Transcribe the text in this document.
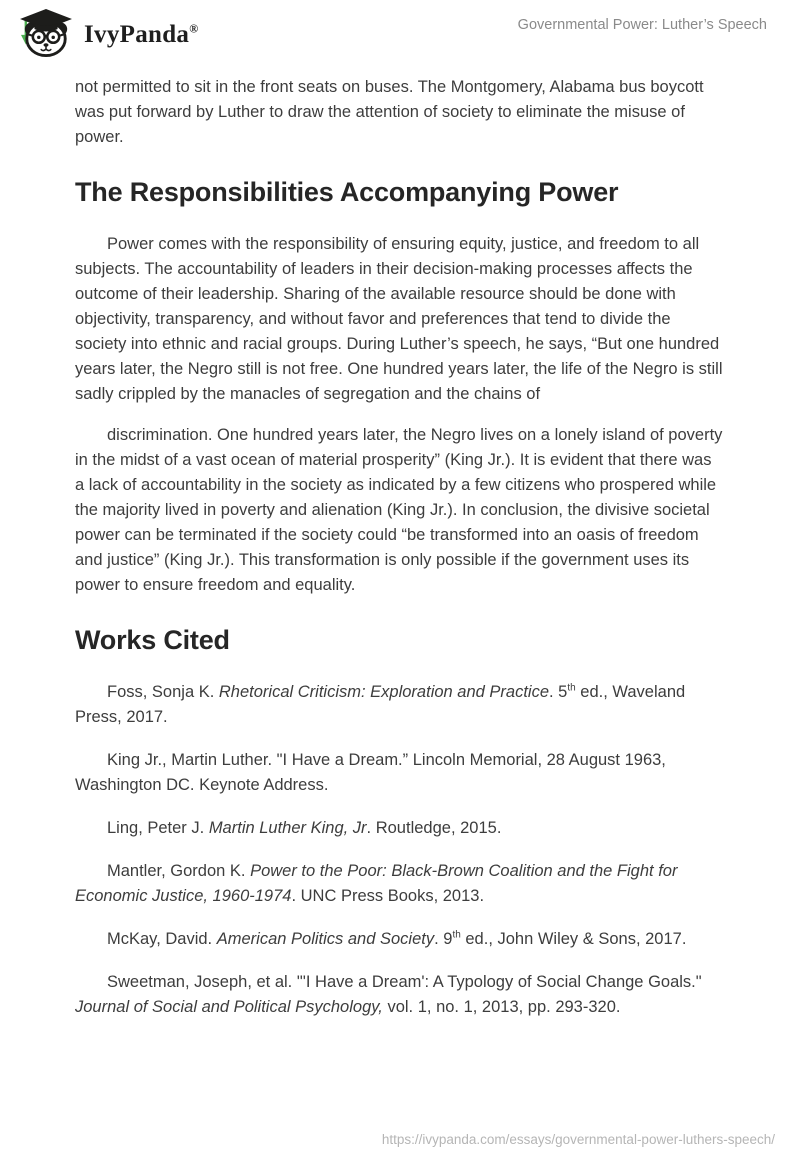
IvyPanda®	Governmental Power: Luther’s Speech

not permitted to sit in the front seats on buses. The Montgomery, Alabama bus boycott was put forward by Luther to draw the attention of society to eliminate the misuse of power.

The Responsibilities Accompanying Power

Power comes with the responsibility of ensuring equity, justice, and freedom to all subjects. The accountability of leaders in their decision-making processes affects the outcome of their leadership. Sharing of the available resource should be done with objectivity, transparency, and without favor and preferences that tend to divide the society into ethnic and racial groups. During Luther’s speech, he says, “But one hundred years later, the Negro still is not free. One hundred years later, the life of the Negro is still sadly crippled by the manacles of segregation and the chains of

discrimination. One hundred years later, the Negro lives on a lonely island of poverty in the midst of a vast ocean of material prosperity” (King Jr.). It is evident that there was a lack of accountability in the society as indicated by a few citizens who prospered while the majority lived in poverty and alienation (King Jr.). In conclusion, the divisive societal power can be terminated if the society could “be transformed into an oasis of freedom and justice” (King Jr.). This transformation is only possible if the government uses its power to ensure freedom and equality.

Works Cited

Foss, Sonja K. Rhetorical Criticism: Exploration and Practice. 5th ed., Waveland Press, 2017.

King Jr., Martin Luther. "I Have a Dream.” Lincoln Memorial, 28 August 1963, Washington DC. Keynote Address.

Ling, Peter J. Martin Luther King, Jr. Routledge, 2015.

Mantler, Gordon K. Power to the Poor: Black-Brown Coalition and the Fight for Economic Justice, 1960-1974. UNC Press Books, 2013.

McKay, David. American Politics and Society. 9th ed., John Wiley & Sons, 2017.

Sweetman, Joseph, et al. "'I Have a Dream': A Typology of Social Change Goals." Journal of Social and Political Psychology, vol. 1, no. 1, 2013, pp. 293-320.

https://ivypanda.com/essays/governmental-power-luthers-speech/
